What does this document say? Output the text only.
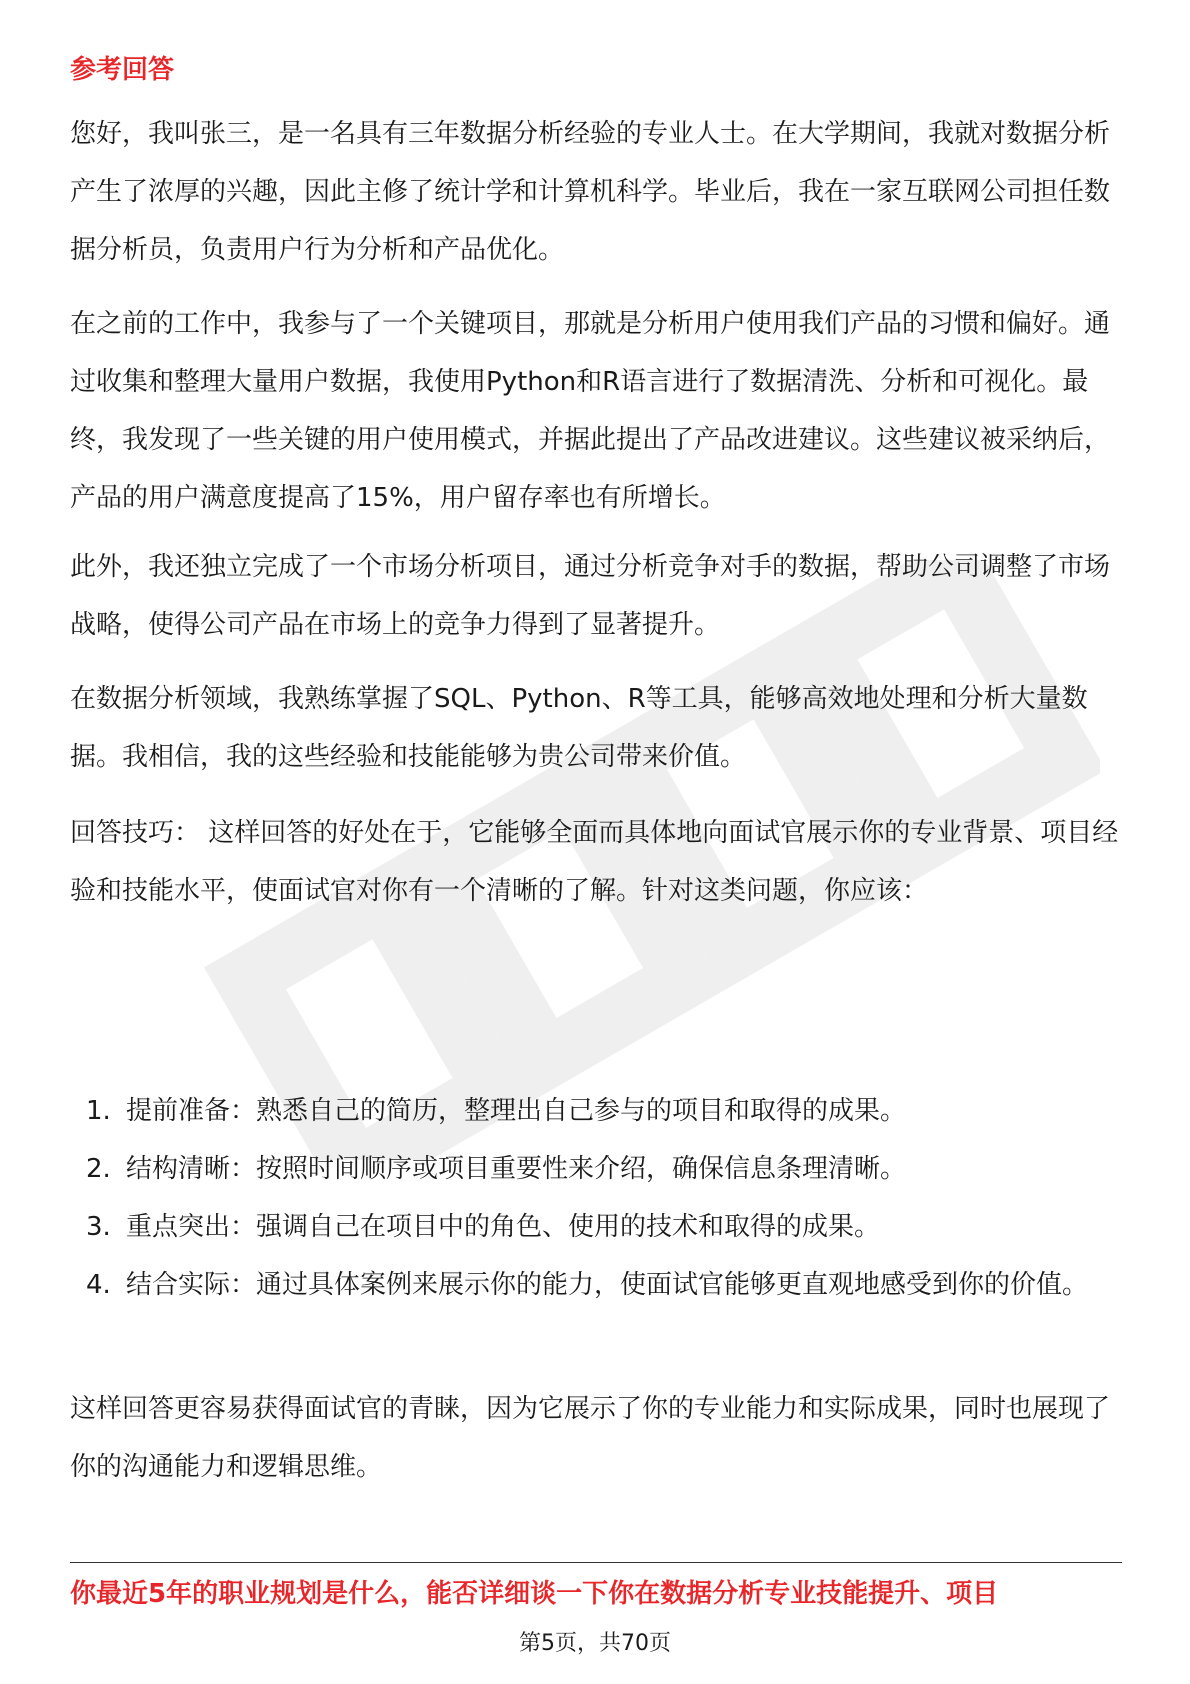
参考回答

您好，我叫张三，是一名具有三年数据分析经验的专业人士。在大学期间，我就对数据分析产生了浓厚的兴趣，因此主修了统计学和计算机科学。毕业后，我在一家互联网公司担任数据分析员，负责用户行为分析和产品优化。

在之前的工作中，我参与了一个关键项目，那就是分析用户使用我们产品的习惯和偏好。通过收集和整理大量用户数据，我使用Python和R语言进行了数据清洗、分析和可视化。最终，我发现了一些关键的用户使用模式，并据此提出了产品改进建议。这些建议被采纳后，产品的用户满意度提高了15%，用户留存率也有所增长。

此外，我还独立完成了一个市场分析项目，通过分析竞争对手的数据，帮助公司调整了市场战略，使得公司产品在市场上的竞争力得到了显著提升。

在数据分析领域，我熟练掌握了SQL、Python、R等工具，能够高效地处理和分析大量数据。我相信，我的这些经验和技能能够为贵公司带来价值。

回答技巧： 这样回答的好处在于，它能够全面而具体地向面试官展示你的专业背景、项目经验和技能水平，使面试官对你有一个清晰的了解。针对这类问题，你应该：

1. 提前准备：熟悉自己的简历，整理出自己参与的项目和取得的成果。
2. 结构清晰：按照时间顺序或项目重要性来介绍，确保信息条理清晰。
3. 重点突出：强调自己在项目中的角色、使用的技术和取得的成果。
4. 结合实际：通过具体案例来展示你的能力，使面试官能够更直观地感受到你的价值。

这样回答更容易获得面试官的青睐，因为它展示了你的专业能力和实际成果，同时也展现了你的沟通能力和逻辑思维。

你最近5年的职业规划是什么，能否详细谈一下你在数据分析专业技能提升、项目
第5页，共70页
